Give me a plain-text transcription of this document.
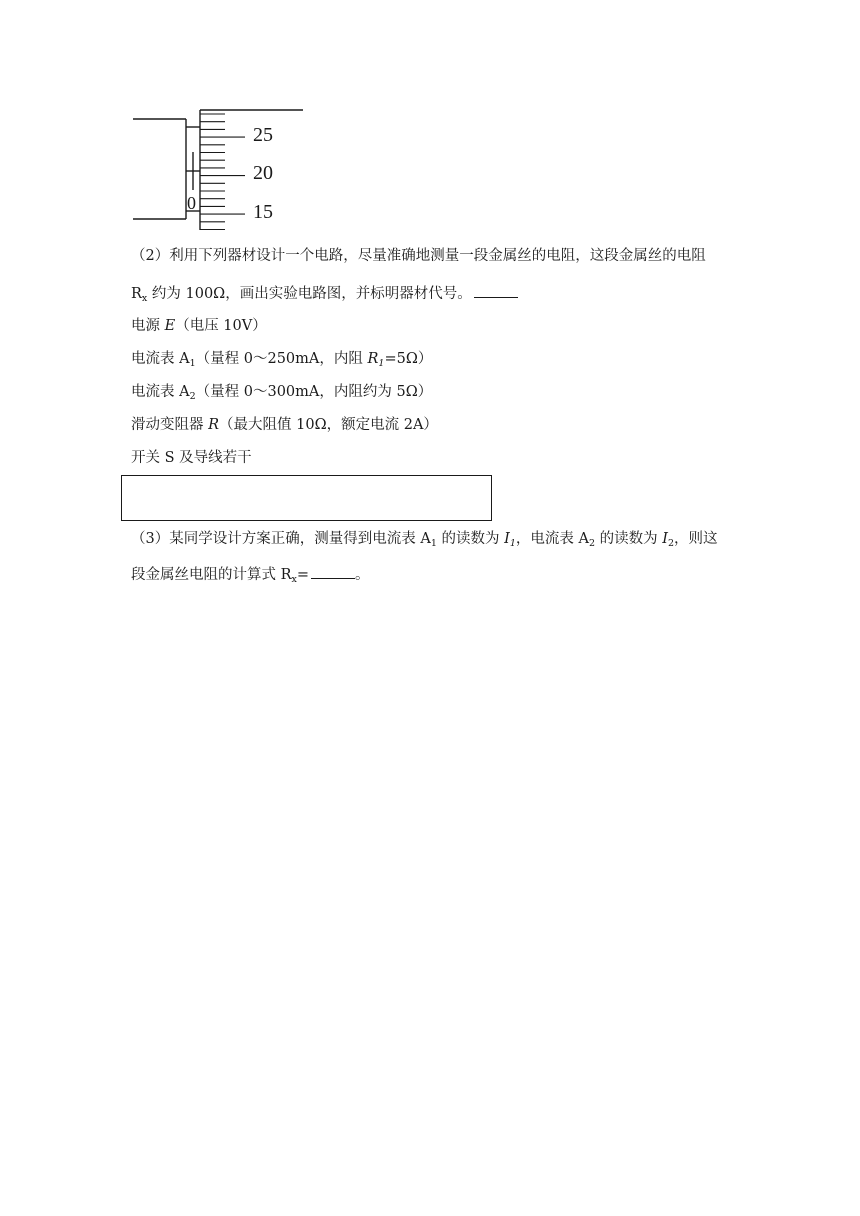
25
20
15
0
（2）利用下列器材设计一个电路，尽量准确地测量一段金属丝的电阻，这段金属丝的电阻
$R_x$ 约为 100Ω，画出实验电路图，并标明器材代号。
电源 E（电压 10V）
电流表 $A_1$（量程 0～250mA，内阻 $R_1=5\Omega$）
电流表 $A_2$（量程 0～300mA，内阻约为 5Ω）
滑动变阻器 R（最大阻值 10Ω，额定电流 2A）
开关 S 及导线若干
（3）某同学设计方案正确，测量得到电流表 $A_1$ 的读数为 $I_1$，电流表 $A_2$ 的读数为 $I_2$，则这
段金属丝电阻的计算式 $R_x=$	。
